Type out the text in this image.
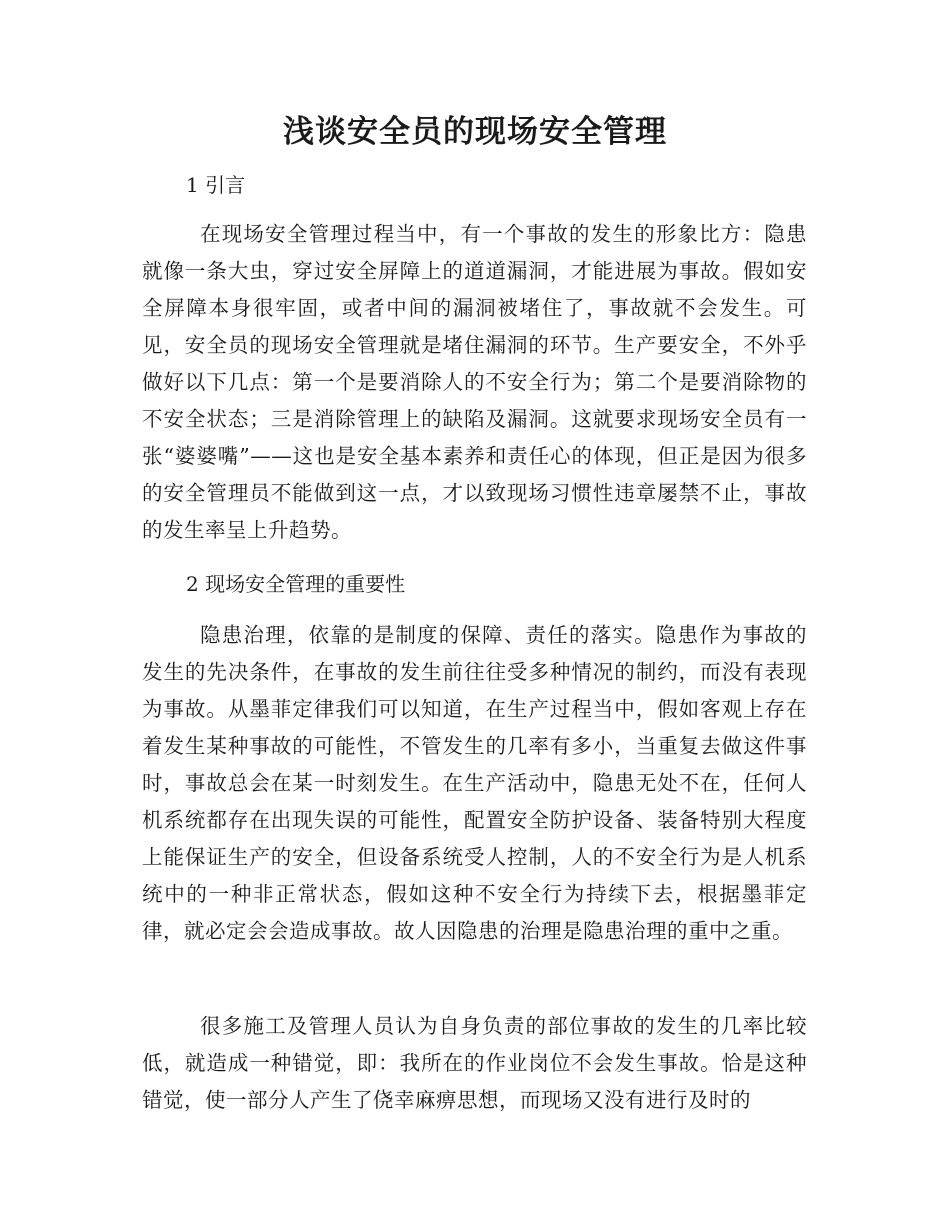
浅谈安全员的现场安全管理
1 引言
在现场安全管理过程当中，有一个事故的发生的形象比方：隐患就像一条大虫，穿过安全屏障上的道道漏洞，才能进展为事故。假如安全屏障本身很牢固，或者中间的漏洞被堵住了，事故就不会发生。可见，安全员的现场安全管理就是堵住漏洞的环节。生产要安全，不外乎做好以下几点：第一个是要消除人的不安全行为；第二个是要消除物的不安全状态；三是消除管理上的缺陷及漏洞。这就要求现场安全员有一张“婆婆嘴”——这也是安全基本素养和责任心的体现，但正是因为很多的安全管理员不能做到这一点，才以致现场习惯性违章屡禁不止，事故的发生率呈上升趋势。
2 现场安全管理的重要性
隐患治理，依靠的是制度的保障、责任的落实。隐患作为事故的发生的先决条件，在事故的发生前往往受多种情况的制约，而没有表现为事故。从墨菲定律我们可以知道，在生产过程当中，假如客观上存在着发生某种事故的可能性，不管发生的几率有多小，当重复去做这件事时，事故总会在某一时刻发生。在生产活动中，隐患无处不在，任何人机系统都存在出现失误的可能性，配置安全防护设备、装备特别大程度上能保证生产的安全，但设备系统受人控制，人的不安全行为是人机系统中的一种非正常状态，假如这种不安全行为持续下去，根据墨菲定律，就必定会会造成事故。故人因隐患的治理是隐患治理的重中之重。
很多施工及管理人员认为自身负责的部位事故的发生的几率比较低，就造成一种错觉，即：我所在的作业岗位不会发生事故。恰是这种错觉，使一部分人产生了侥幸麻痹思想，而现场又没有进行及时的
